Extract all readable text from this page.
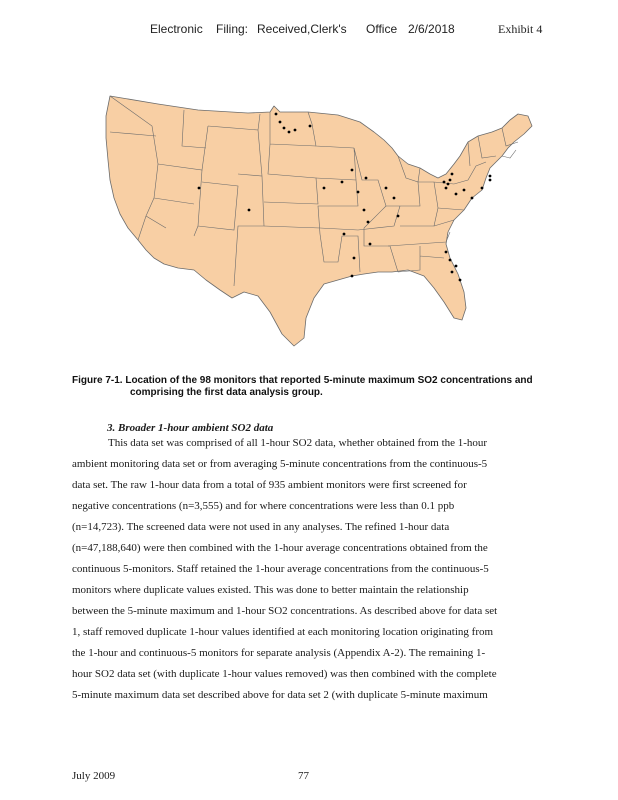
Electronic Filing: Received,Clerk's Office 2/6/2018	Exhibit 4
Figure 7-1. Location of the 98 monitors that reported 5-minute maximum SO2 concentrations and
comprising the first data analysis group.
3. Broader 1-hour ambient SO2 data
This data set was comprised of all 1-hour SO2 data, whether obtained from the 1-hour
ambient monitoring data set or from averaging 5-minute concentrations from the continuous-5
data set. The raw 1-hour data from a total of 935 ambient monitors were first screened for
negative concentrations (n=3,555) and for where concentrations were less than 0.1 ppb
(n=14,723). The screened data were not used in any analyses. The refined 1-hour data
(n=47,188,640) were then combined with the 1-hour average concentrations obtained from the
continuous 5-monitors. Staff retained the 1-hour average concentrations from the continuous-5
monitors where duplicate values existed. This was done to better maintain the relationship
between the 5-minute maximum and 1-hour SO2 concentrations. As described above for data set
1, staff removed duplicate 1-hour values identified at each monitoring location originating from
the 1-hour and continuous-5 monitors for separate analysis (Appendix A-2). The remaining 1-
hour SO2 data set (with duplicate 1-hour values removed) was then combined with the complete
5-minute maximum data set described above for data set 2 (with duplicate 5-minute maximum
July 2009	77
